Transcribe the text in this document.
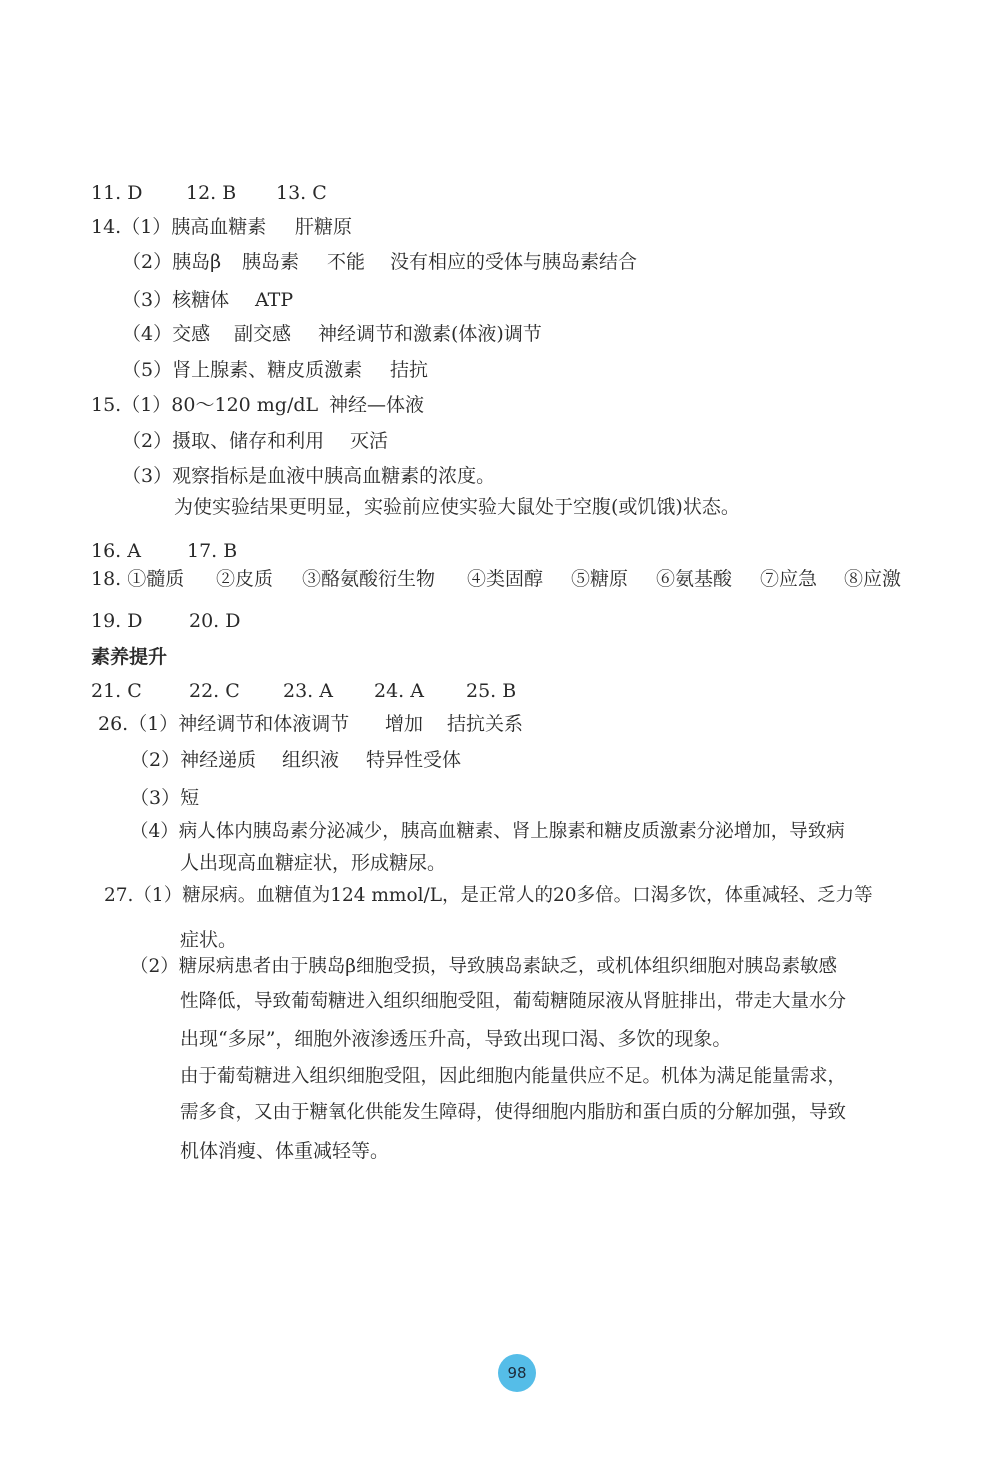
11. D 12. B 13. C
14.（1）胰高血糖素 肝糖原
（2）胰岛β 胰岛素 不能 没有相应的受体与胰岛素结合
（3）核糖体 ATP
（4）交感 副交感 神经调节和激素(体液)调节
（5）肾上腺素、糖皮质激素 拮抗
15.（1）80～120 mg/dL 神经—体液
（2）摄取、储存和利用 灭活
（3）观察指标是血液中胰高血糖素的浓度。
为使实验结果更明显，实验前应使实验大鼠处于空腹(或饥饿)状态。
16. A 17. B
18. ①髓质 ②皮质 ③酪氨酸衍生物 ④类固醇 ⑤糖原 ⑥氨基酸 ⑦应急 ⑧应激
19. D 20. D
素养提升
21. C 22. C 23. A 24. A 25. B
26.（1）神经调节和体液调节 增加 拮抗关系
（2）神经递质 组织液 特异性受体
（3）短
（4）病人体内胰岛素分泌减少，胰高血糖素、肾上腺素和糖皮质激素分泌增加，导致病
人出现高血糖症状，形成糖尿。
27.（1）糖尿病。血糖值为124 mmol/L，是正常人的20多倍。口渴多饮，体重减轻、乏力等
症状。
（2）糖尿病患者由于胰岛β细胞受损，导致胰岛素缺乏，或机体组织细胞对胰岛素敏感
性降低，导致葡萄糖进入组织细胞受阻，葡萄糖随尿液从肾脏排出，带走大量水分
出现“多尿”，细胞外液渗透压升高，导致出现口渴、多饮的现象。
由于葡萄糖进入组织细胞受阻，因此细胞内能量供应不足。机体为满足能量需求，
需多食，又由于糖氧化供能发生障碍，使得细胞内脂肪和蛋白质的分解加强，导致
机体消瘦、体重减轻等。
98
